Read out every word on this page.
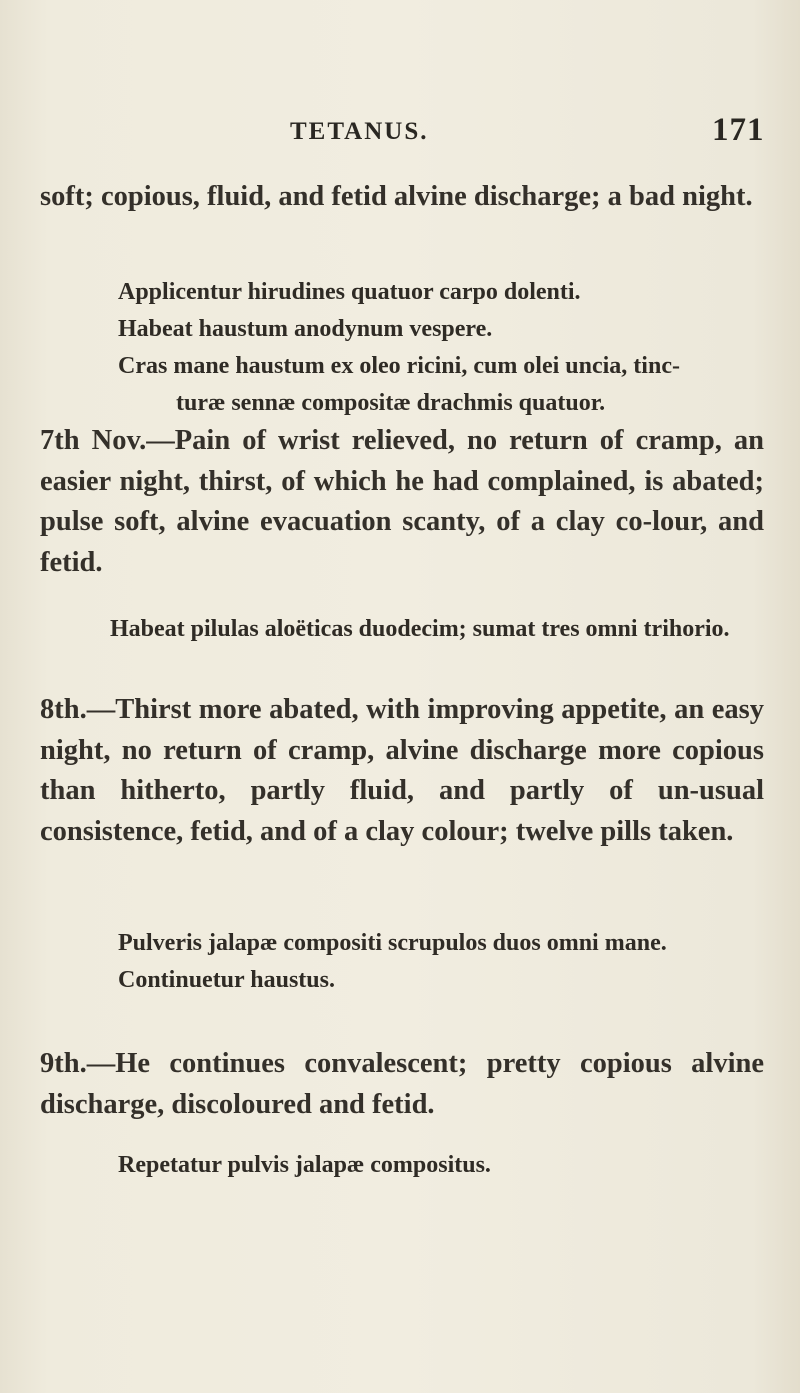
TETANUS.	171

soft; copious, fluid, and fetid alvine discharge; a bad night.

Applicentur hirudines quatuor carpo dolenti.
Habeat haustum anodynum vespere.
Cras mane haustum ex oleo ricini, cum olei uncia, tinc-
turæ sennæ compositæ drachmis quatuor.

7th Nov.—Pain of wrist relieved, no return of cramp, an easier night, thirst, of which he had complained, is abated; pulse soft, alvine evacuation scanty, of a clay co-lour, and fetid.

Habeat pilulas aloëticas duodecim; sumat tres omni trihorio.

8th.—Thirst more abated, with improving appetite, an easy night, no return of cramp, alvine discharge more copious than hitherto, partly fluid, and partly of un-usual consistence, fetid, and of a clay colour; twelve pills taken.

Pulveris jalapæ compositi scrupulos duos omni mane.
Continuetur haustus.

9th.—He continues convalescent; pretty copious alvine discharge, discoloured and fetid.

Repetatur pulvis jalapæ compositus.
